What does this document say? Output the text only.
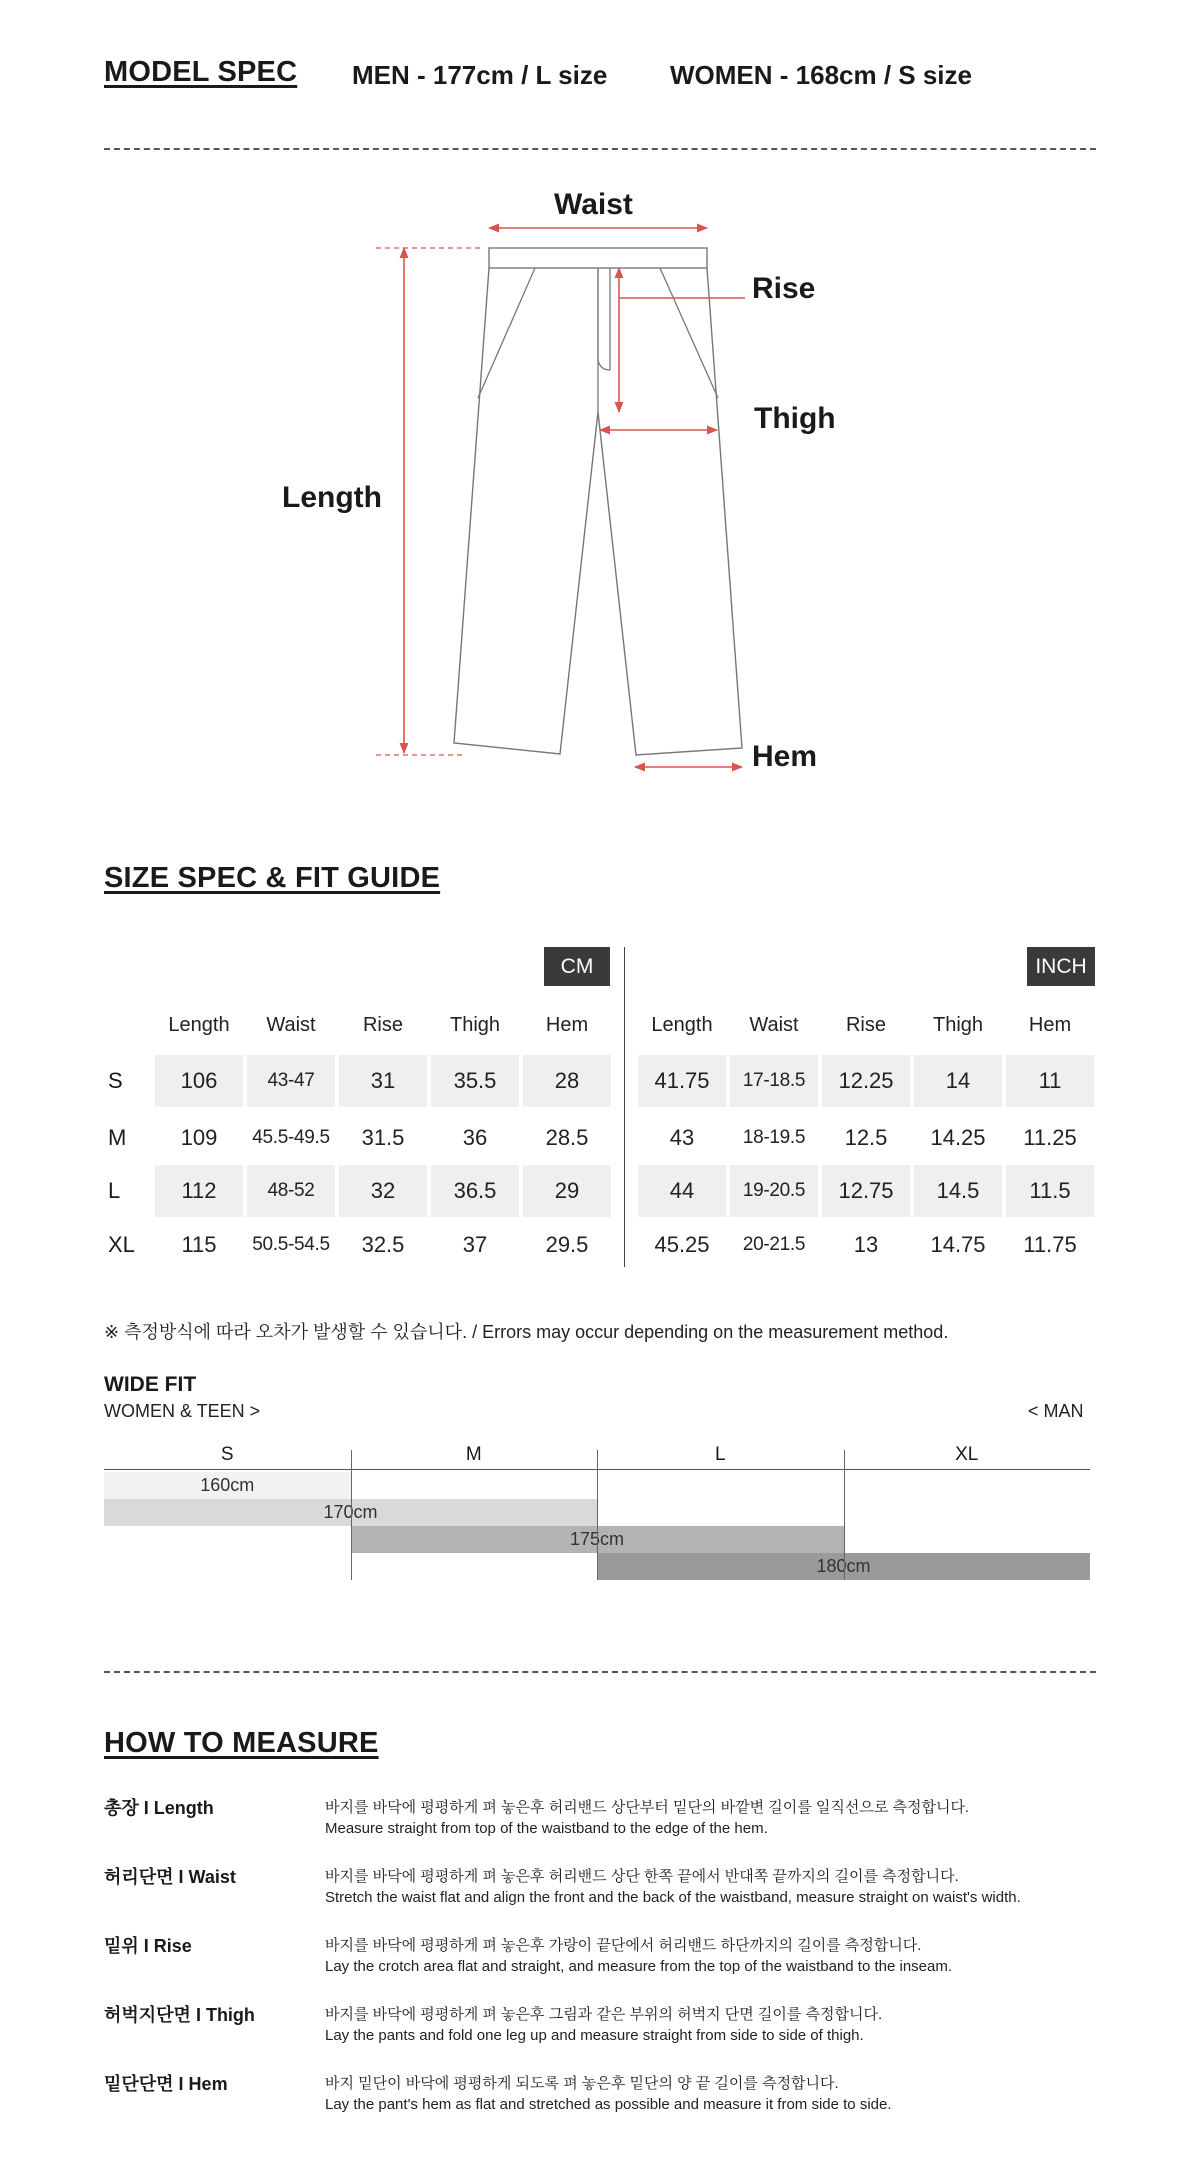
MODEL SPEC MEN - 177cm / L size WOMEN - 168cm / S size
Waist
Rise
Thigh
Length
Hem
SIZE SPEC & FIT GUIDE
CM	INCH
Length	Waist	Rise	Thigh	Hem
S	106	43-47	31	35.5	28
M	109	45.5-49.5	31.5	36	28.5
L	112	48-52	32	36.5	29
XL	115	50.5-54.5	32.5	37	29.5
Length	Waist	Rise	Thigh	Hem
41.75	17-18.5	12.25	14	11
43	18-19.5	12.5	14.25	11.25
44	19-20.5	12.75	14.5	11.5
45.25	20-21.5	13	14.75	11.75
※ 측정방식에 따라 오차가 발생할 수 있습니다. / Errors may occur depending on the measurement method.
WIDE FIT
WOMEN & TEEN >	< MAN
S	M	L	XL
160cm
170cm
175cm
180cm
HOW TO MEASURE
총장 I Length	바지를 바닥에 평평하게 펴 놓은후 허리밴드 상단부터 밑단의 바깥변 길이를 일직선으로 측정합니다.
Measure straight from top of the waistband to the edge of the hem.
허리단면 I Waist	바지를 바닥에 평평하게 펴 놓은후 허리밴드 상단 한쪽 끝에서 반대쪽 끝까지의 길이를 측정합니다.
Stretch the waist flat and align the front and the back of the waistband, measure straight on waist's width.
밑위 I Rise	바지를 바닥에 평평하게 펴 놓은후 가랑이 끝단에서 허리밴드 하단까지의 길이를 측정합니다.
Lay the crotch area flat and straight, and measure from the top of the waistband to the inseam.
허벅지단면 I Thigh	바지를 바닥에 평평하게 펴 놓은후 그림과 같은 부위의 허벅지 단면 길이를 측정합니다.
Lay the pants and fold one leg up and measure straight from side to side of thigh.
밑단단면 I Hem	바지 밑단이 바닥에 평평하게 되도록 펴 놓은후 밑단의 양 끝 길이를 측정합니다.
Lay the pant's hem as flat and stretched as possible and measure it from side to side.
